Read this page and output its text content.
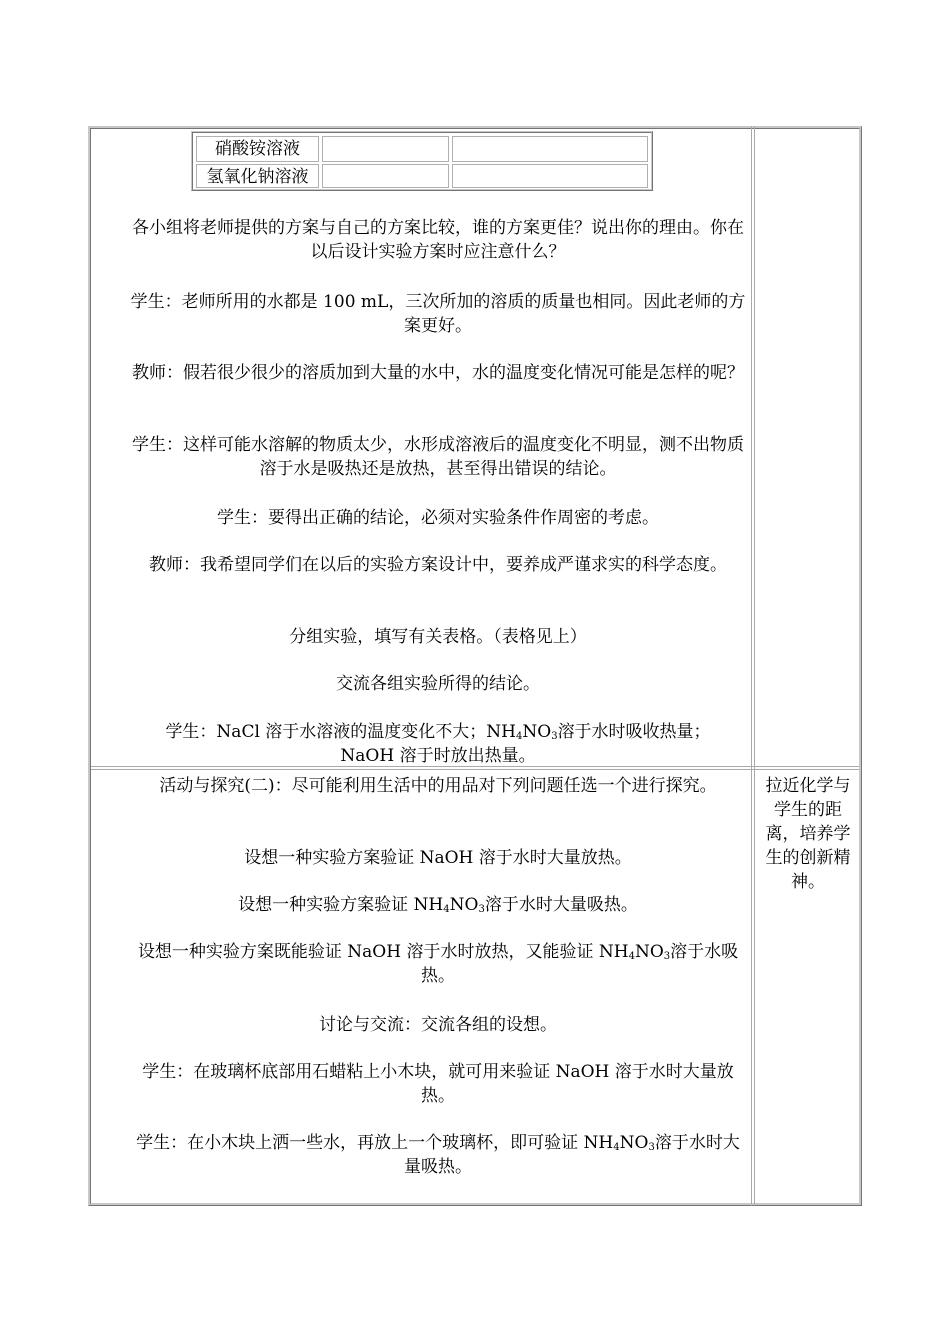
硝酸铵溶液
氢氧化钠溶液
各小组将老师提供的方案与自己的方案比较，谁的方案更佳？说出你的理由。你在以后设计实验方案时应注意什么？
学生：老师所用的水都是 100 mL，三次所加的溶质的质量也相同。因此老师的方案更好。
教师：假若很少很少的溶质加到大量的水中，水的温度变化情况可能是怎样的呢？
学生：这样可能水溶解的物质太少，水形成溶液后的温度变化不明显，测不出物质溶于水是吸热还是放热，甚至得出错误的结论。
学生：要得出正确的结论，必须对实验条件作周密的考虑。
教师：我希望同学们在以后的实验方案设计中，要养成严谨求实的科学态度。
分组实验，填写有关表格。（表格见上）
交流各组实验所得的结论。
学生：NaCl 溶于水溶液的温度变化不大；$NH_4NO_3$溶于水时吸收热量；
NaOH 溶于时放出热量。
活动与探究(二)：尽可能利用生活中的用品对下列问题任选一个进行探究。
设想一种实验方案验证 NaOH 溶于水时大量放热。
设想一种实验方案验证 $NH_4NO_3$溶于水时大量吸热。
设想一种实验方案既能验证 NaOH 溶于水时放热，又能验证 $NH_4NO_3$溶于水吸热。
讨论与交流：交流各组的设想。
学生：在玻璃杯底部用石蜡粘上小木块，就可用来验证 NaOH 溶于水时大量放热。
学生：在小木块上洒一些水，再放上一个玻璃杯，即可验证 $NH_4NO_3$溶于水时大量吸热。
拉近化学与学生的距离，培养学生的创新精神。
